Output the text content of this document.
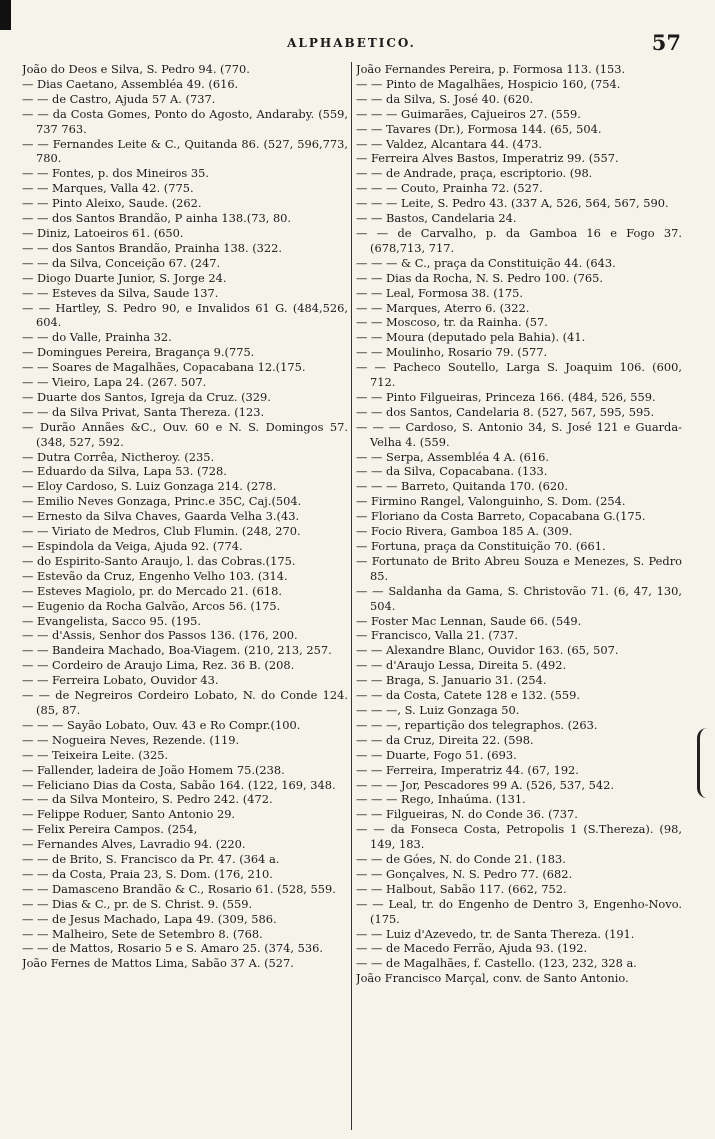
ALPHABETICO.	57

João do Deos e Silva, S. Pedro 94. (770.

— Dias Caetano, Assembléa 49. (616.

— — de Castro, Ajuda 57 A. (737.

— — da Costa Gomes, Ponto do Agosto, Andaraby. (559, 737 763.

— — Fernandes Leite & C., Quitanda 86. (527, 596,773, 780.

— — Fontes, p. dos Mineiros 35.

— — Marques, Valla 42. (775.

— — Pinto Aleixo, Saude. (262.

— — dos Santos Brandão, P ainha 138.(73, 80.

— Diniz, Latoeiros 61. (650.

— — dos Santos Brandão, Prainha 138. (322.

— — da Silva, Conceição 67. (247.

— Diogo Duarte Junior, S. Jorge 24.

— — Esteves da Silva, Saude 137.

— — Hartley, S. Pedro 90, e Invalidos 61 G. (484,526, 604.

— — do Valle, Prainha 32.

— Domingues Pereira, Bragança 9.(775.

— — Soares de Magalhães, Copacabana 12.(175.

— — Vieiro, Lapa 24. (267. 507.

— Duarte dos Santos, Igreja da Cruz. (329.

— — da Silva Privat, Santa Thereza. (123.

— Durão Annães &C., Ouv. 60 e N. S. Domingos 57. (348, 527, 592.

— Dutra Corrêa, Nictheroy. (235.

— Eduardo da Silva, Lapa 53. (728.

— Eloy Cardoso, S. Luiz Gonzaga 214. (278.

— Emilio Neves Gonzaga, Princ.e 35C, Caj.(504.

— Ernesto da Silva Chaves, Gaarda Velha 3.(43.

— — Viriato de Medros, Club Flumin. (248, 270.

— Espindola da Veiga, Ajuda 92. (774.

— do Espirito-Santo Araujo, l. das Cobras.(175.

— Estevão da Cruz, Engenho Velho 103. (314.

— Esteves Magiolo, pr. do Mercado 21. (618.

— Eugenio da Rocha Galvão, Arcos 56. (175.

— Evangelista, Sacco 95. (195.

— — d'Assis, Senhor dos Passos 136. (176, 200.

— — Bandeira Machado, Boa-Viagem. (210, 213, 257.

— — Cordeiro de Araujo Lima, Rez. 36 B. (208.

— — Ferreira Lobato, Ouvidor 43.

— — de Negreiros Cordeiro Lobato, N. do Conde 124. (85, 87.

— — — Sayão Lobato, Ouv. 43 e Ro Compr.(100.

— — Nogueira Neves, Rezende. (119.

— — Teixeira Leite. (325.

— Fallender, ladeira de João Homem 75.(238.

— Feliciano Dias da Costa, Sabão 164. (122, 169, 348.

— — da Silva Monteiro, S. Pedro 242. (472.

— Felippe Roduer, Santo Antonio 29.

— Felix Pereira Campos. (254,

— Fernandes Alves, Lavradio 94. (220.

— — de Brito, S. Francisco da Pr. 47. (364 a.

— — da Costa, Praia 23, S. Dom. (176, 210.

— — Damasceno Brandão & C., Rosario 61. (528, 559.

— — Dias & C., pr. de S. Christ. 9. (559.

— — de Jesus Machado, Lapa 49. (309, 586.

— — Malheiro, Sete de Setembro 8. (768.

— — de Mattos, Rosario 5 e S. Amaro 25. (374, 536.

João Fernes de Mattos Lima, Sabão 37 A. (527.

João Fernandes Pereira, p. Formosa 113. (153.

— — Pinto de Magalhães, Hospicio 160, (754.

— — da Silva, S. José 40. (620.

— — — Guimarães, Cajueiros 27. (559.

— — Tavares (Dr.), Formosa 144. (65, 504.

— — Valdez, Alcantara 44. (473.

— Ferreira Alves Bastos, Imperatriz 99. (557.

— — de Andrade, praça, escriptorio. (98.

— — — Couto, Prainha 72. (527.

— — — Leite, S. Pedro 43. (337 A, 526, 564, 567, 590.

— — Bastos, Candelaria 24.

— — de Carvalho, p. da Gamboa 16 e Fogo 37. (678,713, 717.

— — — & C., praça da Constituição 44. (643.

— — Dias da Rocha, N. S. Pedro 100. (765.

— — Leal, Formosa 38. (175.

— — Marques, Aterro 6. (322.

— — Moscoso, tr. da Rainha. (57.

— — Moura (deputado pela Bahia). (41.

— — Moulinho, Rosario 79. (577.

— — Pacheco Soutello, Larga S. Joaquim 106. (600, 712.

— — Pinto Filgueiras, Princeza 166. (484, 526, 559.

— — dos Santos, Candelaria 8. (527, 567, 595, 595.

— — — Cardoso, S. Antonio 34, S. José 121 e Guarda-Velha 4. (559.

— — Serpa, Assembléa 4 A. (616.

— — da Silva, Copacabana. (133.

— — — Barreto, Quitanda 170. (620.

— Firmino Rangel, Valonguinho, S. Dom. (254.

— Floriano da Costa Barreto, Copacabana G.(175.

— Focio Rivera, Gamboa 185 A. (309.

— Fortuna, praça da Constituição 70. (661.

— Fortunato de Brito Abreu Souza e Menezes, S. Pedro 85.

— — Saldanha da Gama, S. Christovão 71. (6, 47, 130, 504.

— Foster Mac Lennan, Saude 66. (549.

— Francisco, Valla 21. (737.

— — Alexandre Blanc, Ouvidor 163. (65, 507.

— — d'Araujo Lessa, Direita 5. (492.

— — Braga, S. Januario 31. (254.

— — da Costa, Catete 128 e 132. (559.

— — —, S. Luiz Gonzaga 50.

— — —, repartição dos telegraphos. (263.

— — da Cruz, Direita 22. (598.

— — Duarte, Fogo 51. (693.

— — Ferreira, Imperatriz 44. (67, 192.

— — — Jor, Pescadores 99 A. (526, 537, 542.

— — — Rego, Inhaúma. (131.

— — Filgueiras, N. do Conde 36. (737.

— — da Fonseca Costa, Petropolis 1 (S.Thereza). (98, 149, 183.

— — de Góes, N. do Conde 21. (183.

— — Gonçalves, N. S. Pedro 77. (682.

— — Halbout, Sabão 117. (662, 752.

— — Leal, tr. do Engenho de Dentro 3, Engenho-Novo. (175.

— — Luiz d'Azevedo, tr. de Santa Thereza. (191.

— — de Macedo Ferrão, Ajuda 93. (192.

— — de Magalhães, f. Castello. (123, 232, 328 a.

João Francisco Marçal, conv. de Santo Antonio.
